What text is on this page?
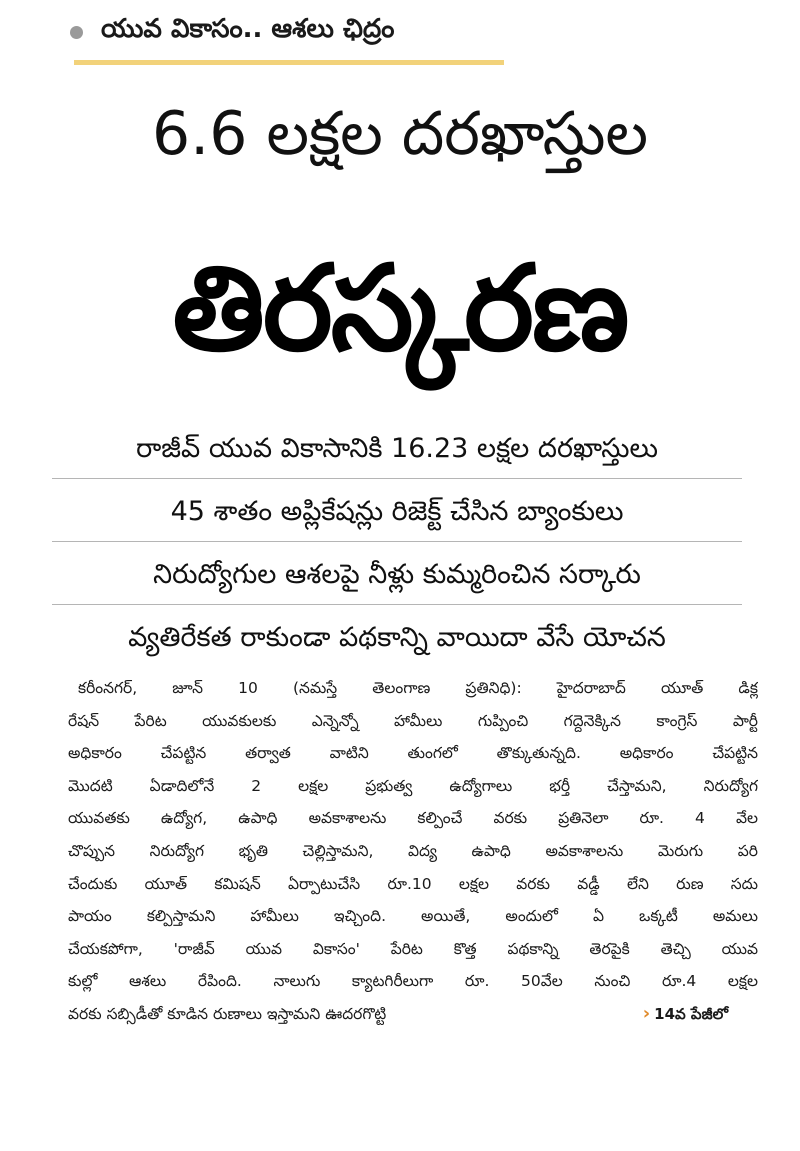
యువ వికాసం.. ఆశలు ఛిద్రం
6.6 లక్షల దరఖాస్తుల
తిరస్కరణ
రాజీవ్ యువ వికాసానికి 16.23 లక్షల దరఖాస్తులు
45 శాతం అప్లికేషన్లు రిజెక్ట్ చేసిన బ్యాంకులు
నిరుద్యోగుల ఆశలపై నీళ్లు కుమ్మరించిన సర్కారు
వ్యతిరేకత రాకుండా పథకాన్ని వాయిదా వేసే యోచన
కరీంనగర్, జూన్ 10 (నమస్తే తెలంగాణ ప్రతినిధి): హైదరాబాద్ యూత్ డిక్ల
రేషన్ పేరిట యువకులకు ఎన్నెన్నో హామీలు గుప్పించి గద్దెనెక్కిన కాంగ్రెస్ పార్టీ
అధికారం చేపట్టిన తర్వాత వాటిని తుంగలో తొక్కుతున్నది. అధికారం చేపట్టిన
మొదటి ఏడాదిలోనే 2 లక్షల ప్రభుత్వ ఉద్యోగాలు భర్తీ చేస్తామని, నిరుద్యోగ
యువతకు ఉద్యోగ, ఉపాధి అవకాశాలను కల్పించే వరకు ప్రతినెలా రూ. 4 వేల
చొప్పున నిరుద్యోగ భృతి చెల్లిస్తామని, విద్య ఉపాధి అవకాశాలను మెరుగు పరి
చేందుకు యూత్ కమిషన్ ఏర్పాటుచేసి రూ.10 లక్షల వరకు వడ్డీ లేని రుణ సదు
పాయం కల్పిస్తామని హామీలు ఇచ్చింది. అయితే, అందులో ఏ ఒక్కటీ అమలు
చేయకపోగా, 'రాజీవ్ యువ వికాసం' పేరిట కొత్త పథకాన్ని తెరపైకి తెచ్చి యువ
కుల్లో ఆశలు రేపింది. నాలుగు క్యాటగిరీలుగా రూ. 50వేల నుంచి రూ.4 లక్షల
వరకు సబ్సిడీతో కూడిన రుణాలు ఇస్తామని ఊదరగొట్టి	› 14వ పేజీలో
